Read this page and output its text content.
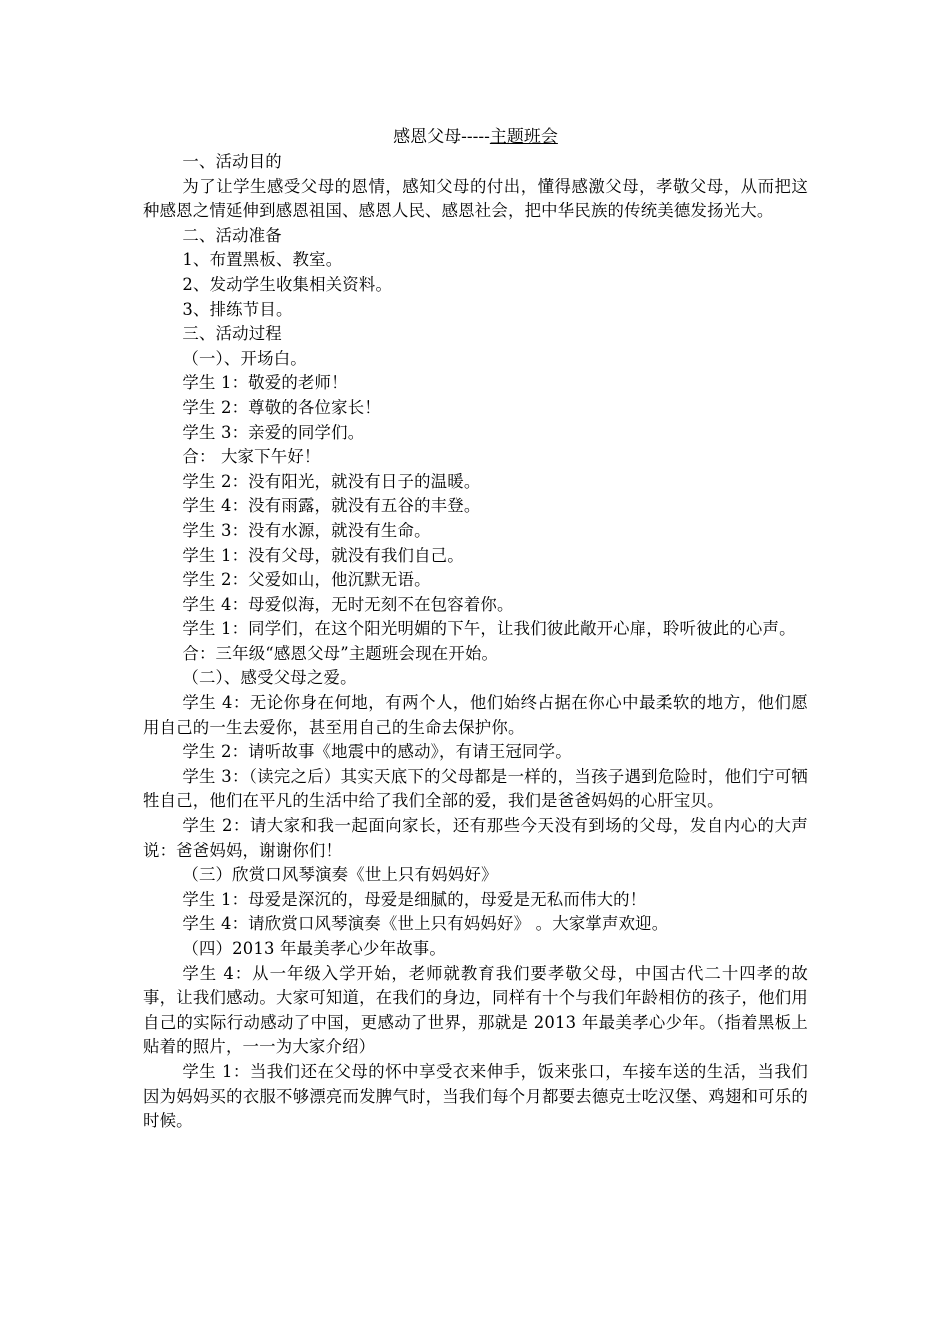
感恩父母-----主题班会

一、活动目的

为了让学生感受父母的恩情，感知父母的付出，懂得感激父母，孝敬父母，从而把这种感恩之情延伸到感恩祖国、感恩人民、感恩社会，把中华民族的传统美德发扬光大。

二、活动准备

1、布置黑板、教室。

2、发动学生收集相关资料。

3、排练节目。

三、活动过程

（一）、开场白。

学生 1：敬爱的老师！

学生 2：尊敬的各位家长！

学生 3：亲爱的同学们。

合： 大家下午好！

学生 2：没有阳光，就没有日子的温暖。

学生 4：没有雨露，就没有五谷的丰登。

学生 3：没有水源，就没有生命。

学生 1：没有父母，就没有我们自己。

学生 2：父爱如山，他沉默无语。

学生 4：母爱似海，无时无刻不在包容着你。

学生 1：同学们，在这个阳光明媚的下午，让我们彼此敞开心扉，聆听彼此的心声。

合：三年级“感恩父母”主题班会现在开始。

（二）、感受父母之爱。

学生 4：无论你身在何地，有两个人，他们始终占据在你心中最柔软的地方，他们愿用自己的一生去爱你，甚至用自己的生命去保护你。

学生 2：请听故事《地震中的感动》，有请王冠同学。

学生 3：（读完之后）其实天底下的父母都是一样的，当孩子遇到危险时，他们宁可牺牲自己，他们在平凡的生活中给了我们全部的爱，我们是爸爸妈妈的心肝宝贝。

学生 2：请大家和我一起面向家长，还有那些今天没有到场的父母，发自内心的大声说：爸爸妈妈，谢谢你们！

（三）欣赏口风琴演奏《世上只有妈妈好》

学生 1：母爱是深沉的，母爱是细腻的，母爱是无私而伟大的！

学生 4：请欣赏口风琴演奏《世上只有妈妈好》 。大家掌声欢迎。

（四）2013 年最美孝心少年故事。

学生 4：从一年级入学开始，老师就教育我们要孝敬父母，中国古代二十四孝的故事，让我们感动。大家可知道，在我们的身边，同样有十个与我们年龄相仿的孩子，他们用自己的实际行动感动了中国，更感动了世界，那就是 2013 年最美孝心少年。（指着黑板上贴着的照片，一一为大家介绍）

学生 1：当我们还在父母的怀中享受衣来伸手，饭来张口，车接车送的生活，当我们因为妈妈买的衣服不够漂亮而发脾气时，当我们每个月都要去德克士吃汉堡、鸡翅和可乐的时候。
